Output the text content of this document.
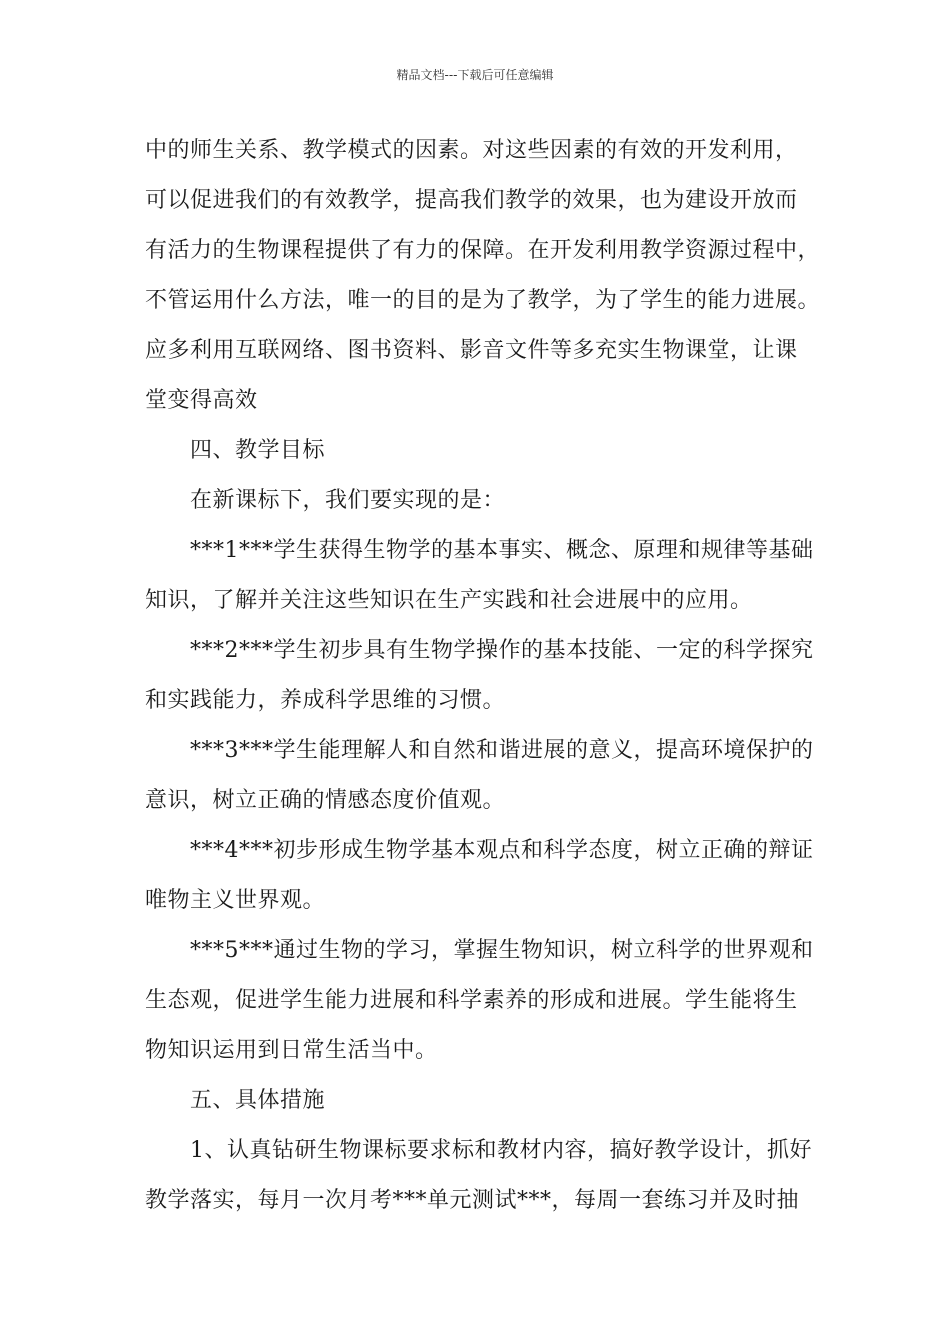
精品文档---下载后可任意编辑
中的师生关系、教学模式的因素。对这些因素的有效的开发利用，
可以促进我们的有效教学，提高我们教学的效果，也为建设开放而
有活力的生物课程提供了有力的保障。在开发利用教学资源过程中，
不管运用什么方法，唯一的目的是为了教学，为了学生的能力进展。
应多利用互联网络、图书资料、影音文件等多充实生物课堂，让课
堂变得高效
四、教学目标
在新课标下，我们要实现的是：
***1***学生获得生物学的基本事实、概念、原理和规律等基础
知识，了解并关注这些知识在生产实践和社会进展中的应用。
***2***学生初步具有生物学操作的基本技能、一定的科学探究
和实践能力，养成科学思维的习惯。
***3***学生能理解人和自然和谐进展的意义，提高环境保护的
意识，树立正确的情感态度价值观。
***4***初步形成生物学基本观点和科学态度，树立正确的辩证
唯物主义世界观。
***5***通过生物的学习，掌握生物知识，树立科学的世界观和
生态观，促进学生能力进展和科学素养的形成和进展。学生能将生
物知识运用到日常生活当中。
五、具体措施
1、认真钻研生物课标要求标和教材内容，搞好教学设计，抓好
教学落实，每月一次月考***单元测试***，每周一套练习并及时抽
